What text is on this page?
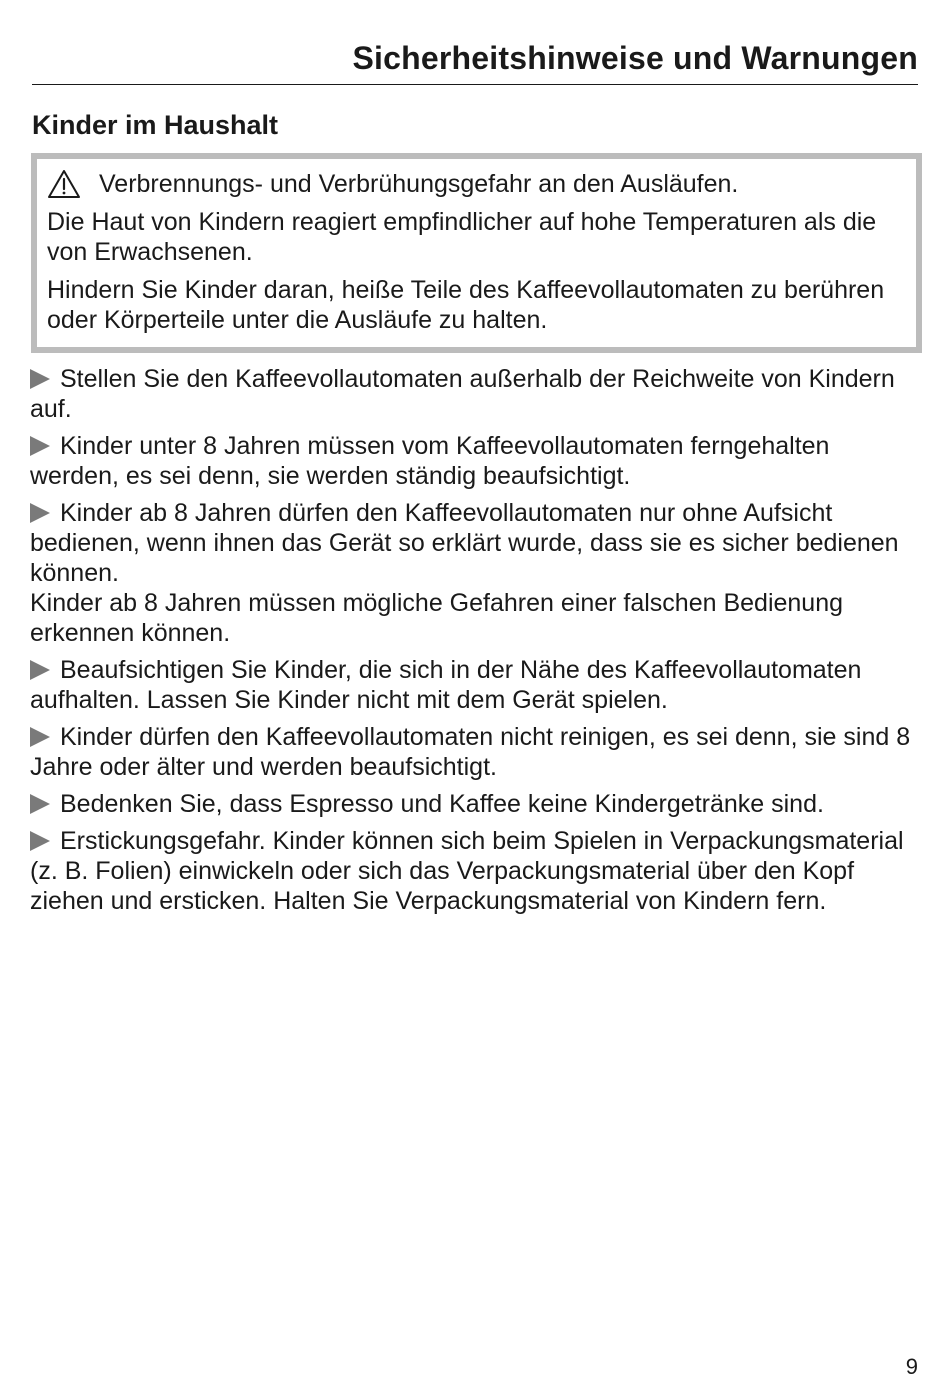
Sicherheitshinweise und Warnungen
Kinder im Haushalt
Verbrennungs- und Verbrühungsgefahr an den Ausläufen.

Die Haut von Kindern reagiert empfindlicher auf hohe Temperaturen als die von Erwachsenen.

Hindern Sie Kinder daran, heiße Teile des Kaffeevollautomaten zu berühren oder Körperteile unter die Ausläufe zu halten.

Stellen Sie den Kaffeevollautomaten außerhalb der Reichweite von Kindern auf.
Kinder unter 8 Jahren müssen vom Kaffeevollautomaten ferngehalten werden, es sei denn, sie werden ständig beaufsichtigt.
Kinder ab 8 Jahren dürfen den Kaffeevollautomaten nur ohne Aufsicht bedienen, wenn ihnen das Gerät so erklärt wurde, dass sie es sicher bedienen können.
Kinder ab 8 Jahren müssen mögliche Gefahren einer falschen Bedienung erkennen können.
Beaufsichtigen Sie Kinder, die sich in der Nähe des Kaffeevollautomaten aufhalten. Lassen Sie Kinder nicht mit dem Gerät spielen.
Kinder dürfen den Kaffeevollautomaten nicht reinigen, es sei denn, sie sind 8 Jahre oder älter und werden beaufsichtigt.
Bedenken Sie, dass Espresso und Kaffee keine Kindergetränke sind.
Erstickungsgefahr. Kinder können sich beim Spielen in Verpackungsmaterial (z. B. Folien) einwickeln oder sich das Verpackungsmaterial über den Kopf ziehen und ersticken. Halten Sie Verpackungsmaterial von Kindern fern.
9
